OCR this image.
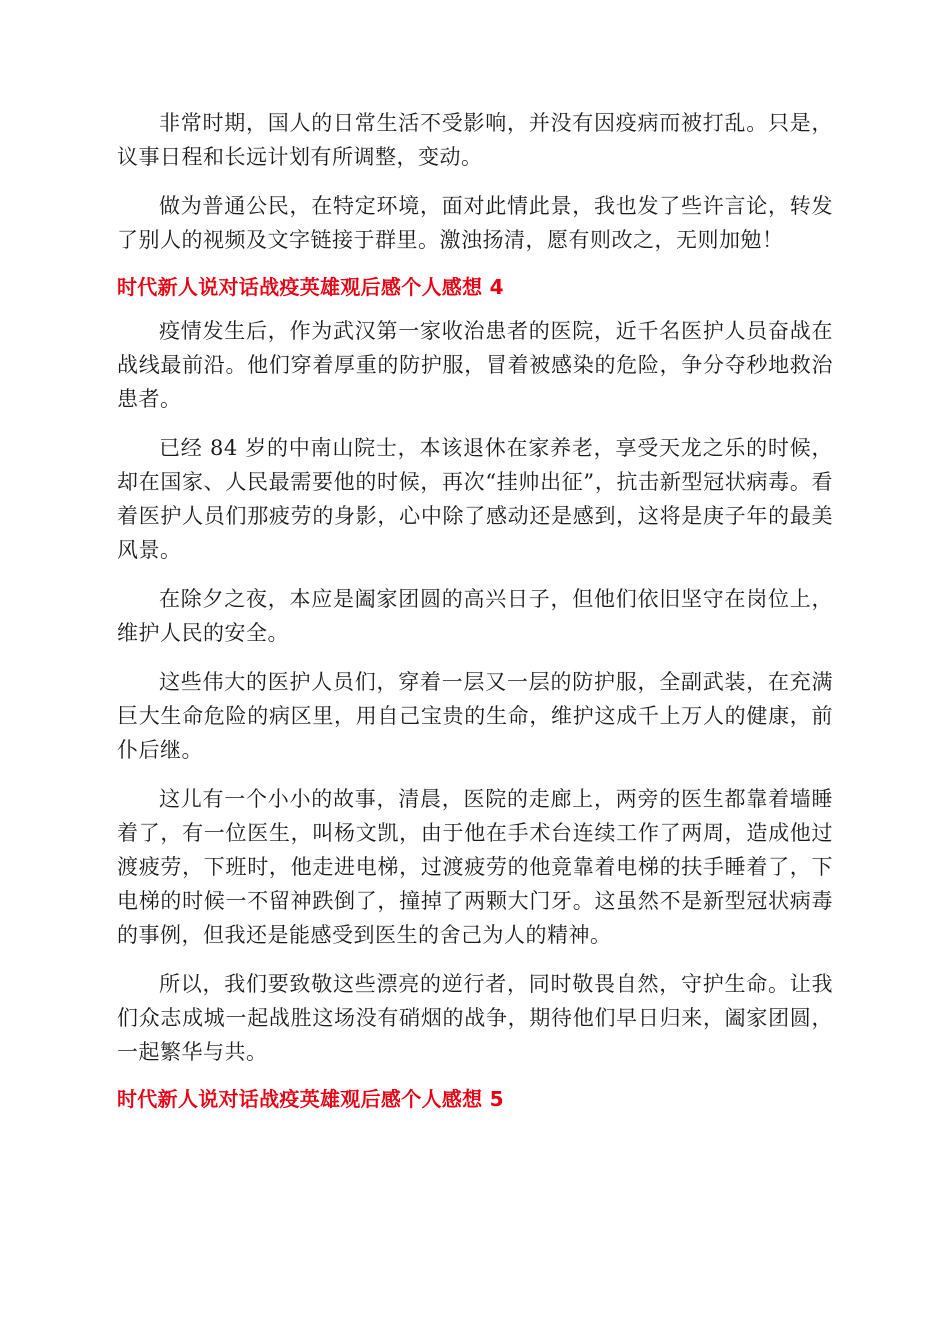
非常时期，国人的日常生活不受影响，并没有因疫病而被打乱。只是，议事日程和长远计划有所调整，变动。

做为普通公民，在特定环境，面对此情此景，我也发了些许言论，转发了别人的视频及文字链接于群里。激浊扬清，愿有则改之，无则加勉！

时代新人说对话战疫英雄观后感个人感想 4

疫情发生后，作为武汉第一家收治患者的医院，近千名医护人员奋战在战线最前沿。他们穿着厚重的防护服，冒着被感染的危险，争分夺秒地救治患者。

已经 84 岁的中南山院士，本该退休在家养老，享受天龙之乐的时候，却在国家、人民最需要他的时候，再次“挂帅出征”，抗击新型冠状病毒。看着医护人员们那疲劳的身影，心中除了感动还是感到，这将是庚子年的最美风景。

在除夕之夜，本应是阖家团圆的高兴日子，但他们依旧坚守在岗位上，维护人民的安全。

这些伟大的医护人员们，穿着一层又一层的防护服，全副武装，在充满巨大生命危险的病区里，用自己宝贵的生命，维护这成千上万人的健康，前仆后继。

这儿有一个小小的故事，清晨，医院的走廊上，两旁的医生都靠着墙睡着了，有一位医生，叫杨文凯，由于他在手术台连续工作了两周，造成他过渡疲劳，下班时，他走进电梯，过渡疲劳的他竟靠着电梯的扶手睡着了，下电梯的时候一不留神跌倒了，撞掉了两颗大门牙。这虽然不是新型冠状病毒的事例，但我还是能感受到医生的舍己为人的精神。

所以，我们要致敬这些漂亮的逆行者，同时敬畏自然，守护生命。让我们众志成城一起战胜这场没有硝烟的战争，期待他们早日归来，阖家团圆，一起繁华与共。

时代新人说对话战疫英雄观后感个人感想 5
